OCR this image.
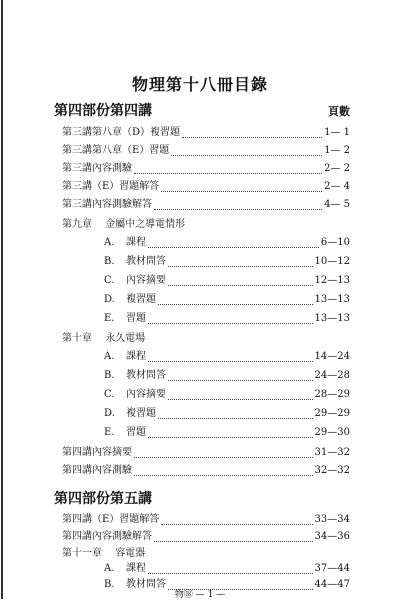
物理第十八冊目錄
第四部份第四講	頁數
第三講第八章（D）複習題	1— 1
第三講第八章（E）習題	1— 2
第三講內容測驗	2— 2
第三講（E）習題解答	2— 4
第三講內容測驗解答	4— 5
第九章 金屬中之導電情形
A.	課程	6—10
B.	教材問答	10—12
C.	內容摘要	12—13
D.	複習題	13—13
E.	習題	13—13
第十章 永久電場
A.	課程	14—24
B.	教材問答	24—28
C.	內容摘要	28—29
D.	複習題	29—29
E.	習題	29—30
第四講內容摘要	31—32
第四講內容測驗	32—32
第四部份第五講
第四講（E）習題解答	33—34
第四講內容測驗解答	34—36
第十一章 容電器
A.	課程	37—44
B.	教材問答	44—47
物⑱ — 1 —
